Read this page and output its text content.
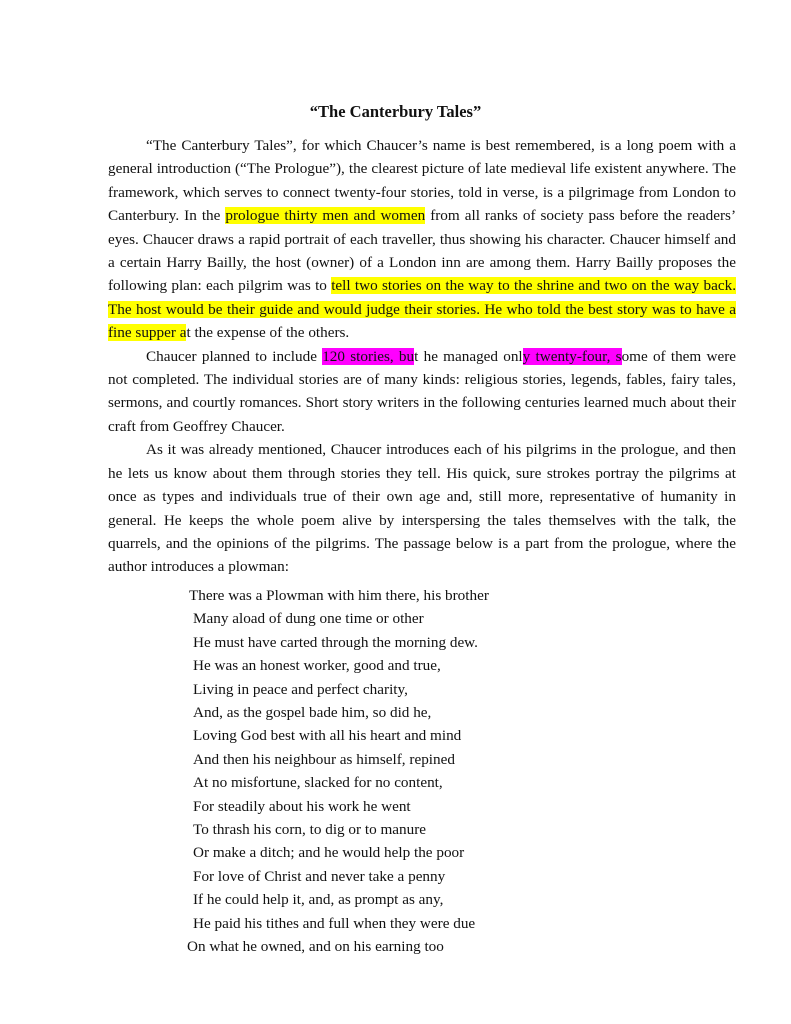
“The Canterbury Tales”

“The Canterbury Tales”, for which Chaucer’s name is best remembered, is a long poem with a general introduction (“The Prologue”), the clearest picture of late medieval life existent anywhere. The framework, which serves to connect twenty-four stories, told in verse, is a pilgrimage from London to Canterbury. In the prologue thirty men and women from all ranks of society pass before the readers’ eyes. Chaucer draws a rapid portrait of each traveller, thus showing his character. Chaucer himself and a certain Harry Bailly, the host (owner) of a London inn are among them. Harry Bailly proposes the following plan: each pilgrim was to tell two stories on the way to the shrine and two on the way back. The host would be their guide and would judge their stories. He who told the best story was to have a fine supper at the expense of the others.

Chaucer planned to include 120 stories, but he managed only twenty-four, some of them were not completed. The individual stories are of many kinds: religious stories, legends, fables, fairy tales, sermons, and courtly romances. Short story writers in the following centuries learned much about their craft from Geoffrey Chaucer.

As it was already mentioned, Chaucer introduces each of his pilgrims in the prologue, and then he lets us know about them through stories they tell. His quick, sure strokes portray the pilgrims at once as types and individuals true of their own age and, still more, representative of humanity in general. He keeps the whole poem alive by interspersing the tales themselves with the talk, the quarrels, and the opinions of the pilgrims. The passage below is a part from the prologue, where the author introduces a plowman:

There was a Plowman with him there, his brother
Many aload of dung one time or other
He must have carted through the morning dew.
He was an honest worker, good and true,
Living in peace and perfect charity,
And, as the gospel bade him, so did he,
Loving God best with all his heart and mind
And then his neighbour as himself, repined
At no misfortune, slacked for no content,
For steadily about his work he went
To thrash his corn, to dig or to manure
Or make a ditch; and he would help the poor
For love of Christ and never take a penny
If he could help it, and, as prompt as any,
He paid his tithes and full when they were due
On what he owned, and on his earning too
